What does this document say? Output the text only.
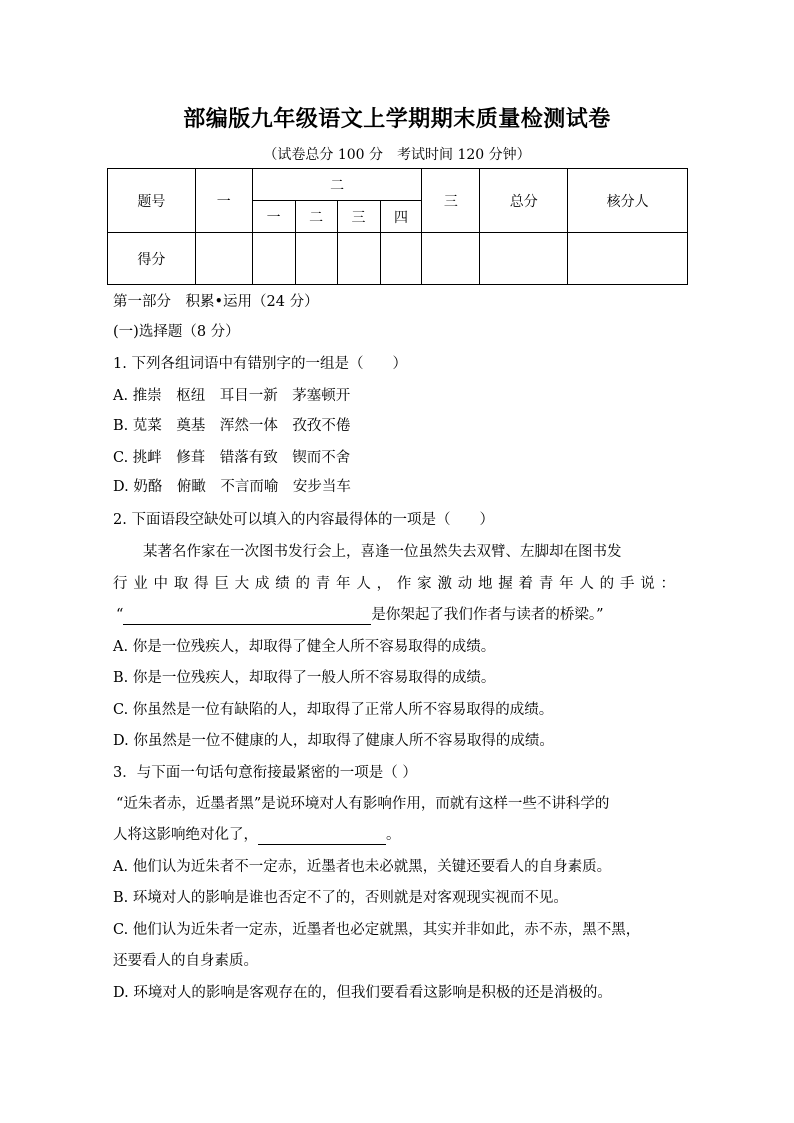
部编版九年级语文上学期期末质量检测试卷
（试卷总分 100 分　考试时间 120 分钟）
题号	一	二				三	总分	核分人
		一	二	三	四			
得分								
第一部分　积累•运用（24 分）
(一)选择题（8 分）
1. 下列各组词语中有错别字的一组是（　　）
A. 推崇　枢纽　耳目一新　茅塞顿开
B. 苋菜　奠基　浑然一体　孜孜不倦
C. 挑衅　修葺　错落有致　锲而不舍
D. 奶酪　俯瞰　不言而喻　安步当车
2. 下面语段空缺处可以填入的内容最得体的一项是（　　）
某著名作家在一次图书发行会上，喜逢一位虽然失去双臂、左脚却在图书发
行业中取得巨大成绩的青年人，作家激动地握着青年人的手说：
“	是你架起了我们作者与读者的桥梁。”
A. 你是一位残疾人，却取得了健全人所不容易取得的成绩。
B. 你是一位残疾人，却取得了一般人所不容易取得的成绩。
C. 你虽然是一位有缺陷的人，却取得了正常人所不容易取得的成绩。
D. 你虽然是一位不健康的人，却取得了健康人所不容易取得的成绩。
3．与下面一句话句意衔接最紧密的一项是（ ）
“近朱者赤，近墨者黑”是说环境对人有影响作用，而就有这样一些不讲科学的
人将这影响绝对化了，	。
A. 他们认为近朱者不一定赤，近墨者也未必就黑，关键还要看人的自身素质。
B. 环境对人的影响是谁也否定不了的，否则就是对客观现实视而不见。
C. 他们认为近朱者一定赤，近墨者也必定就黑，其实并非如此，赤不赤，黑不黑，
还要看人的自身素质。
D. 环境对人的影响是客观存在的，但我们要看看这影响是积极的还是消极的。
